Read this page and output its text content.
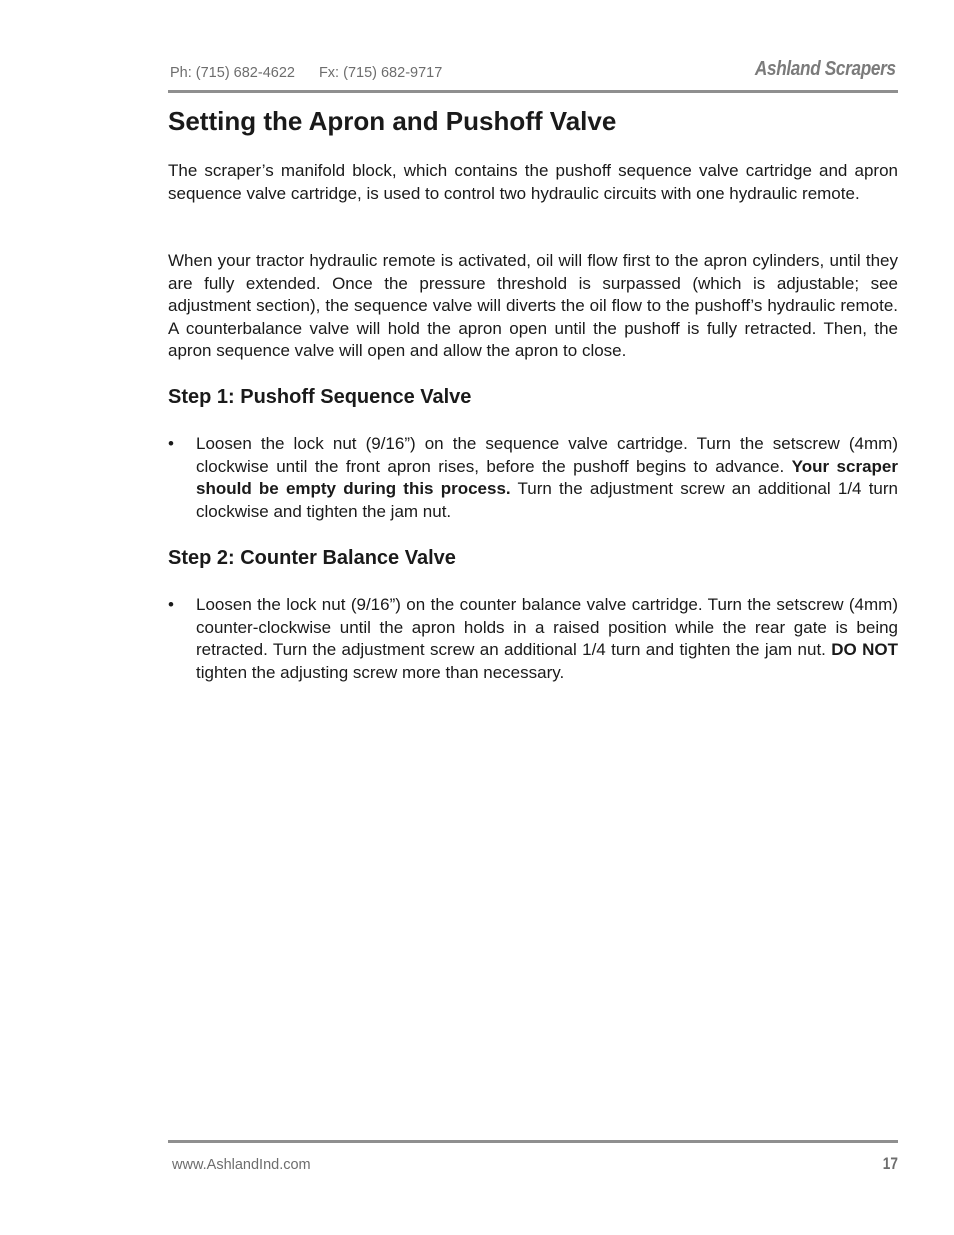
Ph: (715) 682-4622 Fx: (715) 682-9717	Ashland Scrapers
Setting the Apron and Pushoff Valve

The scraper’s manifold block, which contains the pushoff sequence valve cartridge and apron sequence valve cartridge, is used to control two hydraulic circuits with one hydraulic remote.

When your tractor hydraulic remote is activated, oil will flow first to the apron cylinders, until they are fully extended. Once the pressure threshold is surpassed (which is adjustable; see adjustment section), the sequence valve will diverts the oil flow to the pushoff’s hydraulic remote. A counterbalance valve will hold the apron open until the pushoff is fully retracted. Then, the apron sequence valve will open and allow the apron to close.

Step 1: Pushoff Sequence Valve
• Loosen the lock nut (9/16”) on the sequence valve cartridge. Turn the setscrew (4mm) clockwise until the front apron rises, before the pushoff begins to advance. Your scraper should be empty during this process. Turn the adjustment screw an additional 1/4 turn clockwise and tighten the jam nut.

Step 2: Counter Balance Valve
• Loosen the lock nut (9/16”) on the counter balance valve cartridge. Turn the setscrew (4mm) counter-clockwise until the apron holds in a raised position while the rear gate is being retracted. Turn the adjustment screw an additional 1/4 turn and tighten the jam nut. DO NOT tighten the adjusting screw more than necessary.

www.AshlandInd.com	17
